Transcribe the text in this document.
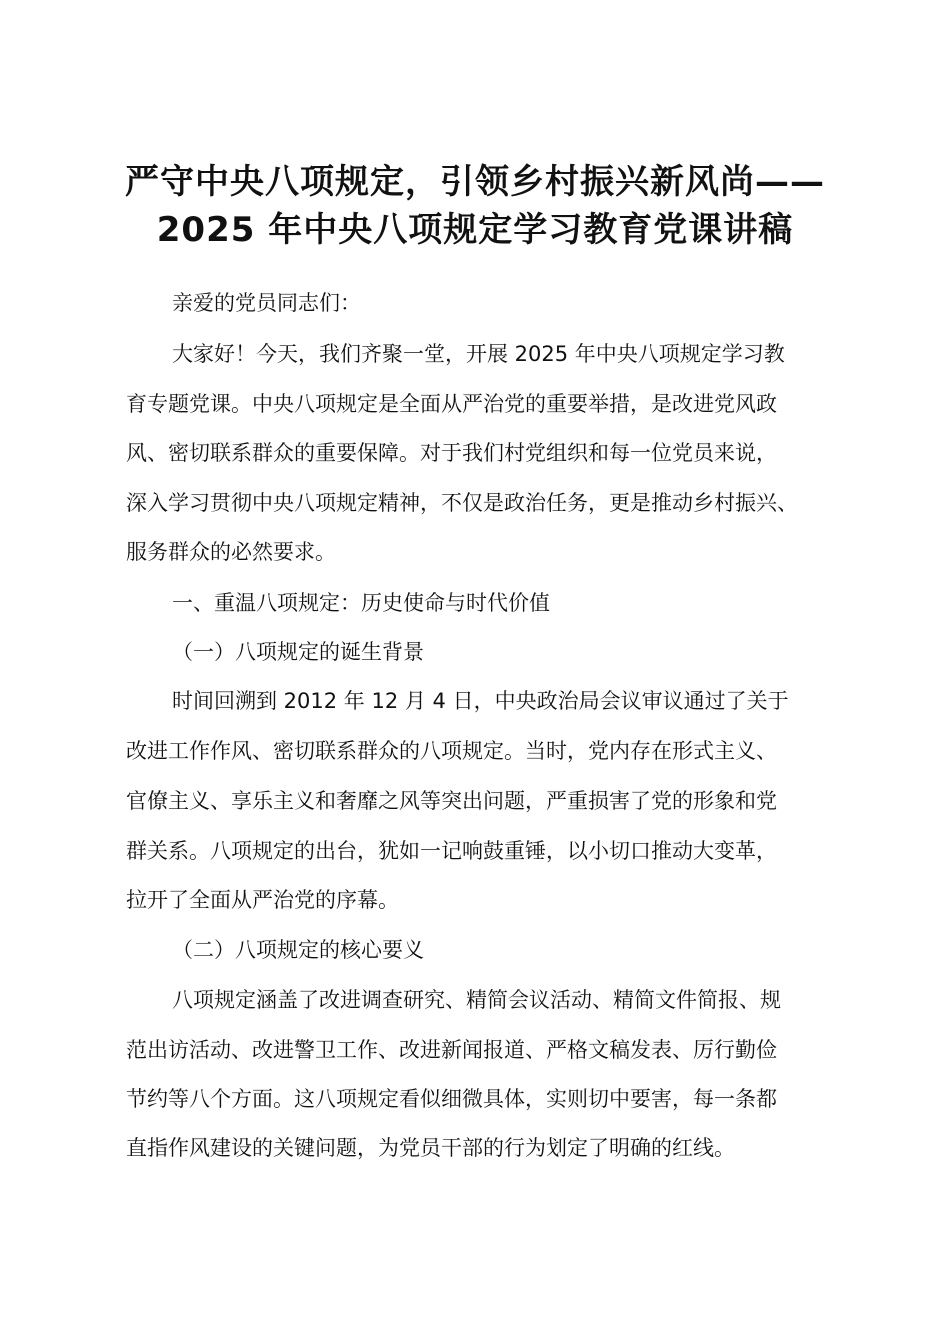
严守中央八项规定，引领乡村振兴新风尚——
2025 年中央八项规定学习教育党课讲稿
亲爱的党员同志们：
大家好！今天，我们齐聚一堂，开展 2025 年中央八项规定学习教
育专题党课。中央八项规定是全面从严治党的重要举措，是改进党风政
风、密切联系群众的重要保障。对于我们村党组织和每一位党员来说，
深入学习贯彻中央八项规定精神，不仅是政治任务，更是推动乡村振兴、
服务群众的必然要求。
一、重温八项规定：历史使命与时代价值
（一）八项规定的诞生背景
时间回溯到 2012 年 12 月 4 日，中央政治局会议审议通过了关于
改进工作作风、密切联系群众的八项规定。当时，党内存在形式主义、
官僚主义、享乐主义和奢靡之风等突出问题，严重损害了党的形象和党
群关系。八项规定的出台，犹如一记响鼓重锤，以小切口推动大变革，
拉开了全面从严治党的序幕。
（二）八项规定的核心要义
八项规定涵盖了改进调查研究、精简会议活动、精简文件简报、规
范出访活动、改进警卫工作、改进新闻报道、严格文稿发表、厉行勤俭
节约等八个方面。这八项规定看似细微具体，实则切中要害，每一条都
直指作风建设的关键问题，为党员干部的行为划定了明确的红线。
